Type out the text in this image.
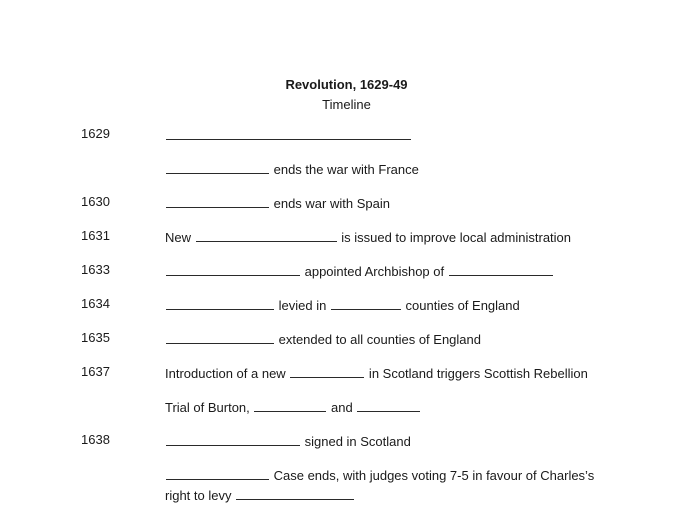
Revolution, 1629-49
Timeline
1629
ends the war with France
1630	ends war with Spain
1631	New	is issued to improve local administration
1633	appointed Archbishop of
1634	levied in	counties of England
1635	extended to all counties of England
1637	Introduction of a new	in Scotland triggers Scottish Rebellion
Trial of Burton,	and
1638	signed in Scotland
Case ends, with judges voting 7-5 in favour of Charles’s
right to levy
